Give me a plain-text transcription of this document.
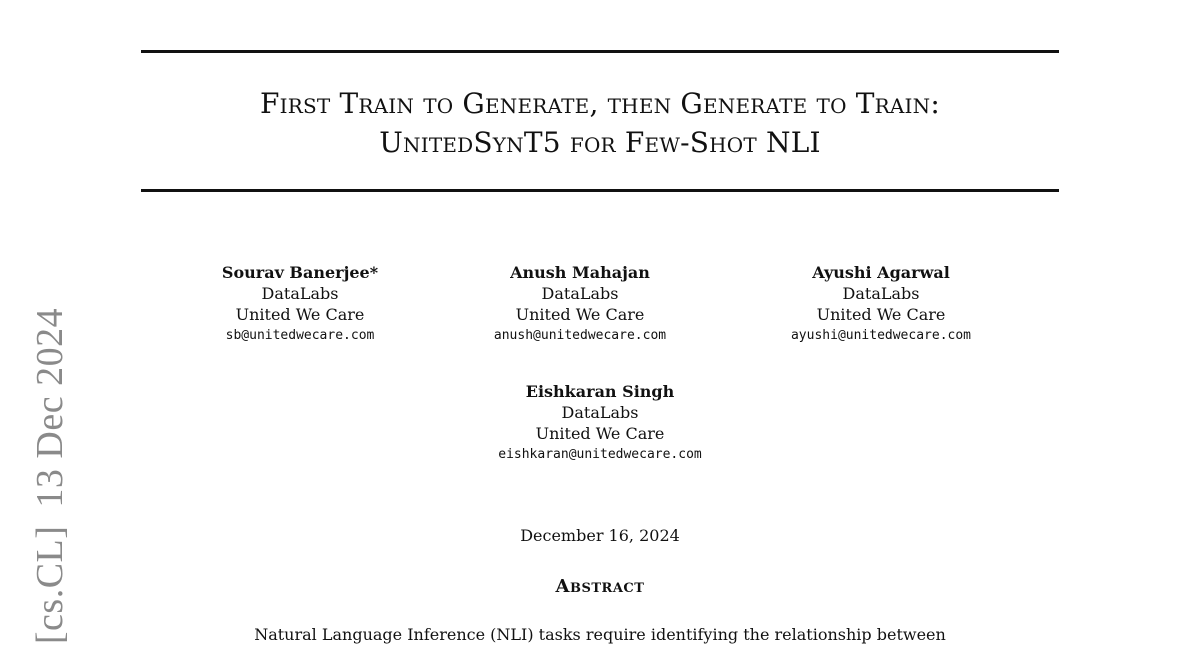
[cs.CL]13 Dec 2024
First Train to Generate, then Generate to Train:
UnitedSynT5 for Few-Shot NLI
Sourav Banerjee*
DataLabs
United We Care
sb@unitedwecare.com
Anush Mahajan
DataLabs
United We Care
anush@unitedwecare.com
Ayushi Agarwal
DataLabs
United We Care
ayushi@unitedwecare.com
Eishkaran Singh
DataLabs
United We Care
eishkaran@unitedwecare.com
December 16, 2024
Abstract
Natural Language Inference (NLI) tasks require identifying the relationship between
